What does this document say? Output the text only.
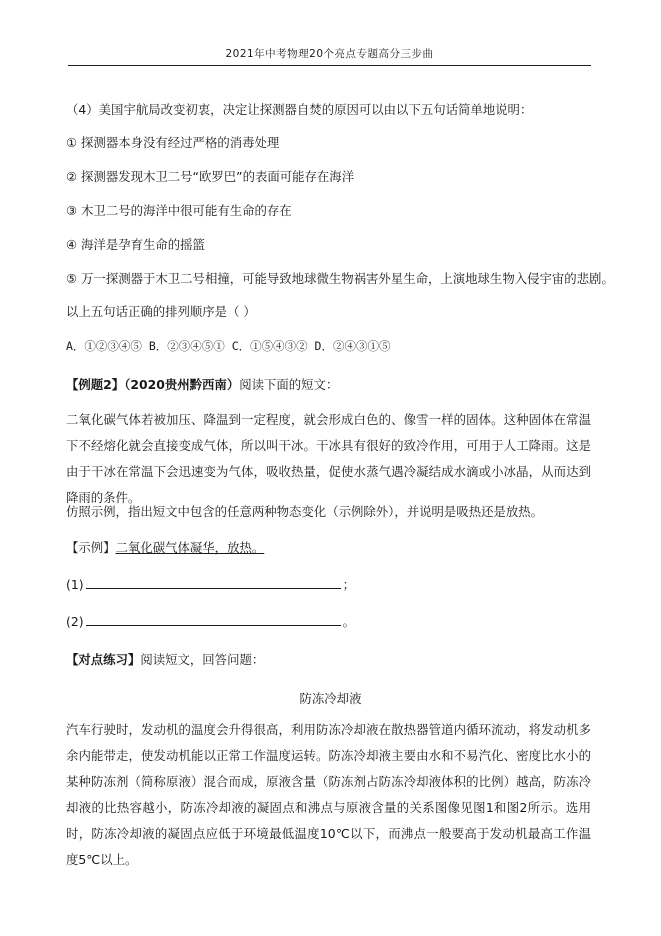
2021年中考物理20个亮点专题高分三步曲
（4）美国宇航局改变初衷，决定让探测器自焚的原因可以由以下五句话简单地说明：
① 探测器本身没有经过严格的消毒处理
② 探测器发现木卫二号“欧罗巴”的表面可能存在海洋
③ 木卫二号的海洋中很可能有生命的存在
④ 海洋是孕育生命的摇篮
⑤ 万一探测器于木卫二号相撞，可能导致地球微生物祸害外星生命，上演地球生物入侵宇宙的悲剧。
以上五句话正确的排列顺序是（ ）
A．①②③④⑤ B．②③④⑤① C．①⑤④③② D．②④③①⑤
【例题2】（2020贵州黔西南）阅读下面的短文：
二氧化碳气体若被加压、降温到一定程度，就会形成白色的、像雪一样的固体。这种固体在常温下不经熔化就会直接变成气体，所以叫干冰。干冰具有很好的致冷作用，可用于人工降雨。这是由于干冰在常温下会迅速变为气体，吸收热量，促使水蒸气遇冷凝结成水滴或小冰晶，从而达到降雨的条件。
仿照示例，指出短文中包含的任意两种物态变化（示例除外），并说明是吸热还是放热。
【示例】二氧化碳气体凝华，放热。
(1)	；
(2)	。
【对点练习】阅读短文，回答问题：
防冻冷却液
汽车行驶时，发动机的温度会升得很高，利用防冻冷却液在散热器管道内循环流动，将发动机多余内能带走，使发动机能以正常工作温度运转。防冻冷却液主要由水和不易汽化、密度比水小的某种防冻剂（简称原液）混合而成，原液含量（防冻剂占防冻冷却液体积的比例）越高，防冻冷却液的比热容越小，防冻冷却液的凝固点和沸点与原液含量的关系图像见图1和图2所示。选用时，防冻冷却液的凝固点应低于环境最低温度10℃以下，而沸点一般要高于发动机最高工作温度5℃以上。
